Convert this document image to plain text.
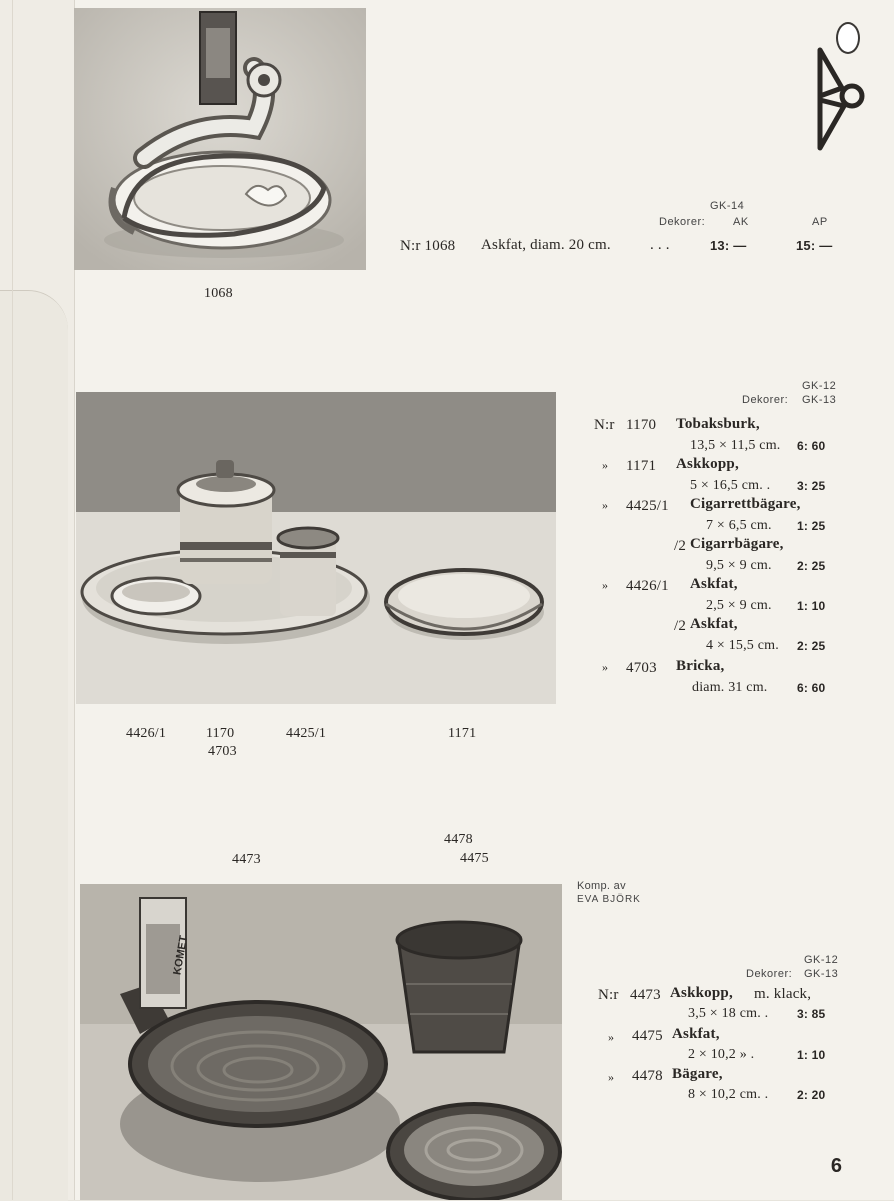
GK-14
Dekorer:	AK	AP
N:r 1068 Askfat, diam. 20 cm.	. . .	13: —	15: —
1068
GK-12
Dekorer: GK-13
N:r 1170 Tobaksburk,
13,5 × 11,5 cm. 6: 60
» 1171 Askkopp,
5 × 16,5 cm. . 3: 25
» 4425/1 Cigarrettbägare,
7 × 6,5 cm. 1: 25
/2 Cigarrbägare,
9,5 × 9 cm. 2: 25
» 4426/1 Askfat,
2,5 × 9 cm. 1: 10
/2 Askfat,
4 × 15,5 cm. 2: 25
» 4703 Bricka,
diam. 31 cm. 6: 60
4426/1	1170
4703
4425/1	1171
4473
4478
4475
KOMET
Komp. av
EVA BJÖRK
GK-12
Dekorer: GK-13
N:r 4473 Askkopp, m. klack,
3,5 × 18 cm. . 3: 85
» 4475 Askfat,
2 × 10,2 » .	1: 10
» 4478 Bägare,
8 × 10,2 cm. . 2: 20
6
